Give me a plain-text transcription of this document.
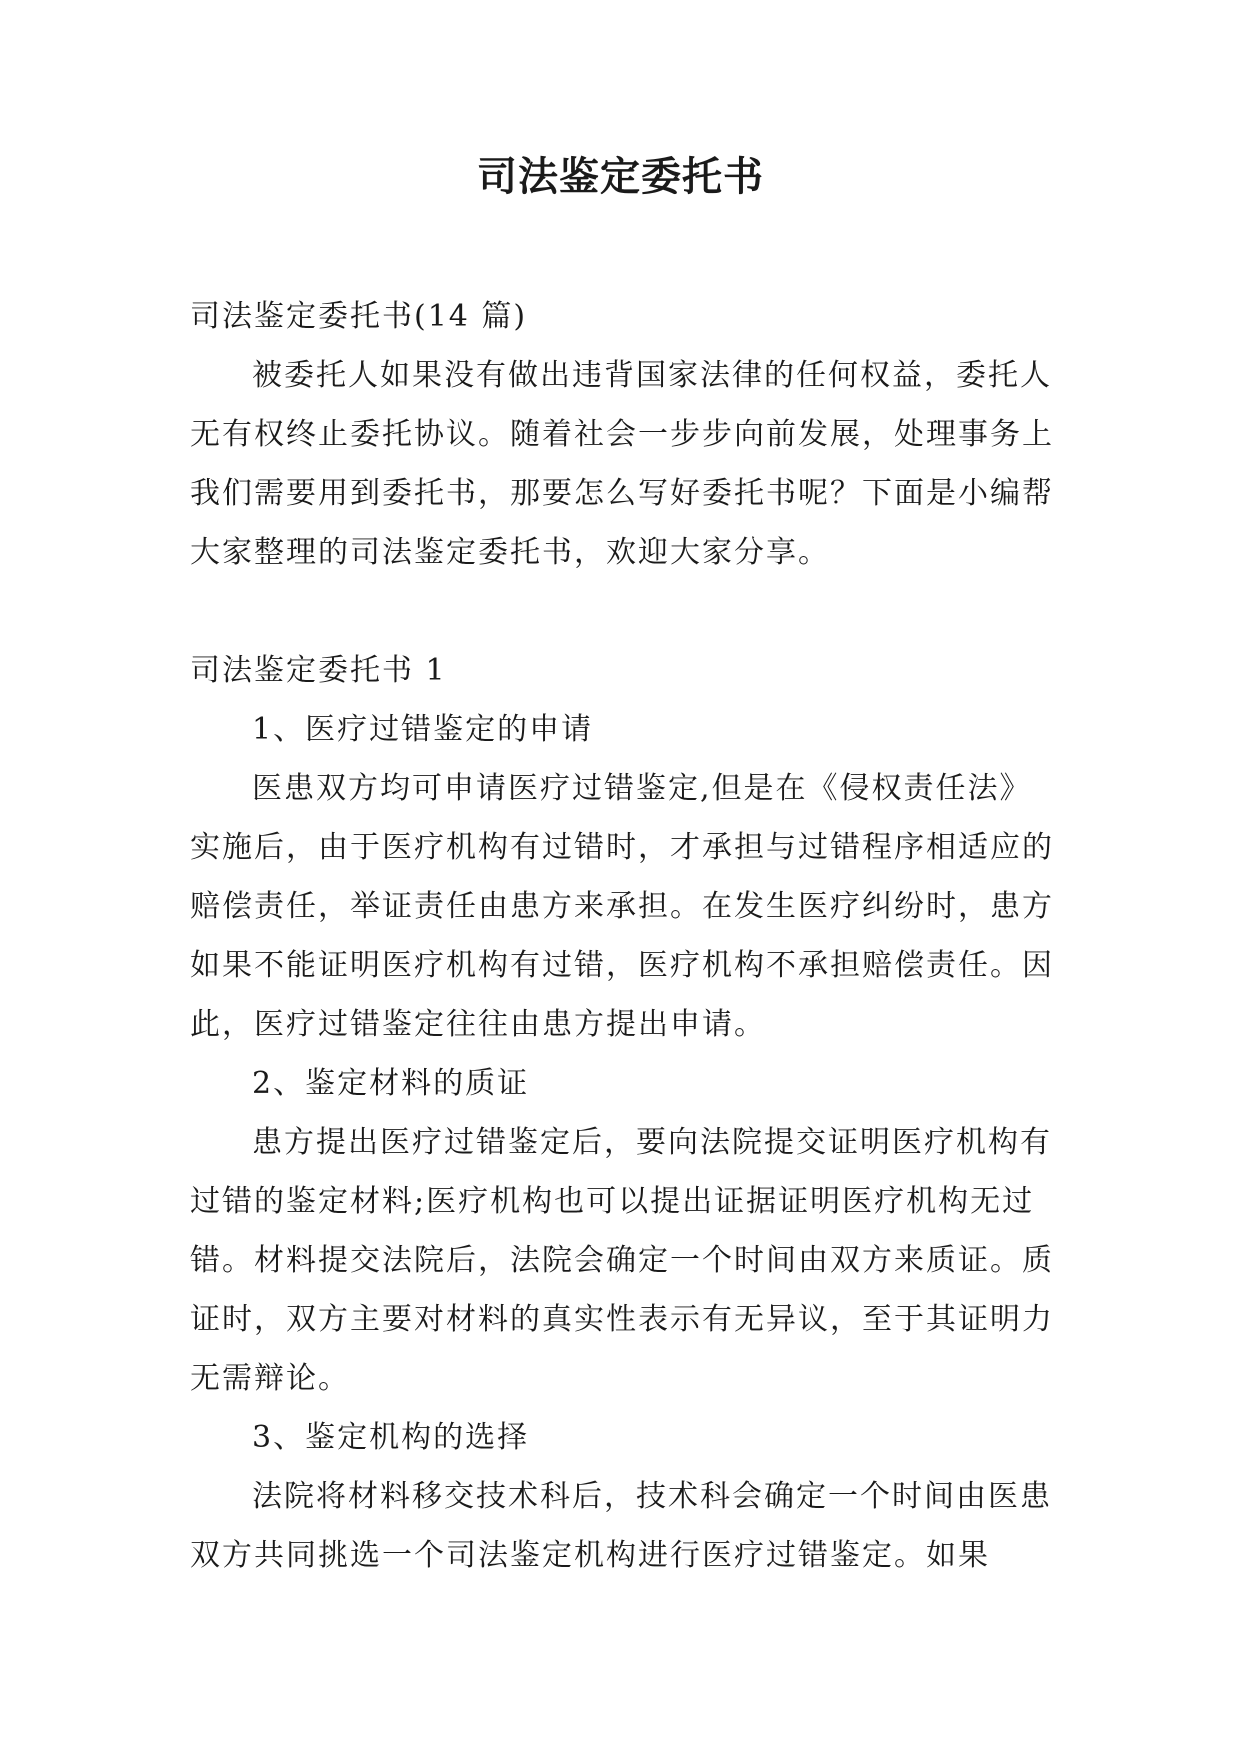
司法鉴定委托书

司法鉴定委托书(14 篇)

被委托人如果没有做出违背国家法律的任何权益，委托人无有权终止委托协议。随着社会一步步向前发展，处理事务上我们需要用到委托书，那要怎么写好委托书呢？下面是小编帮大家整理的司法鉴定委托书，欢迎大家分享。

司法鉴定委托书 1

1、医疗过错鉴定的申请

医患双方均可申请医疗过错鉴定,但是在《侵权责任法》实施后，由于医疗机构有过错时，才承担与过错程序相适应的赔偿责任，举证责任由患方来承担。在发生医疗纠纷时，患方如果不能证明医疗机构有过错，医疗机构不承担赔偿责任。因此，医疗过错鉴定往往由患方提出申请。

2、鉴定材料的质证

患方提出医疗过错鉴定后，要向法院提交证明医疗机构有过错的鉴定材料;医疗机构也可以提出证据证明医疗机构无过错。材料提交法院后，法院会确定一个时间由双方来质证。质证时，双方主要对材料的真实性表示有无异议，至于其证明力无需辩论。

3、鉴定机构的选择

法院将材料移交技术科后，技术科会确定一个时间由医患双方共同挑选一个司法鉴定机构进行医疗过错鉴定。如果
